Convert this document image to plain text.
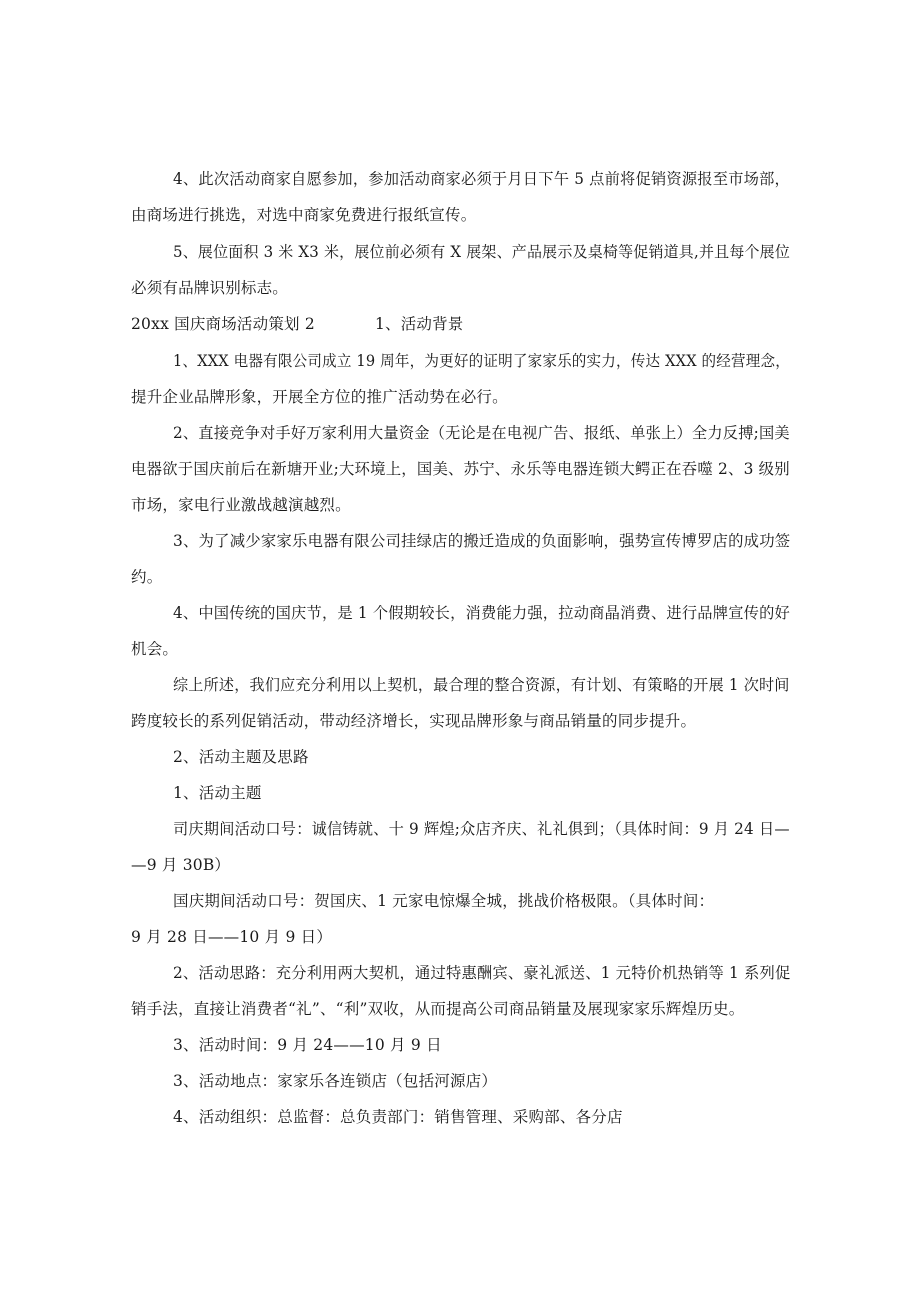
4、此次活动商家自愿参加，参加活动商家必须于月日下午 5 点前将促销资源报至市场部，
由商场进行挑选，对选中商家免费进行报纸宣传。
5、展位面积 3 米 X3 米，展位前必须有 X 展架、产品展示及桌椅等促销道具,并且每个展位
必须有品牌识别标志。
20xx 国庆商场活动策划 2	1、活动背景
1、XXX 电器有限公司成立 19 周年，为更好的证明了家家乐的实力，传达 XXX 的经营理念，
提升企业品牌形象，开展全方位的推广活动势在必行。
2、直接竞争对手好万家利用大量资金（无论是在电视广告、报纸、单张上）全力反搏;国美
电器欲于国庆前后在新塘开业;大环境上，国美、苏宁、永乐等电器连锁大鳄正在吞噬 2、3 级别
市场，家电行业激战越演越烈。
3、为了减少家家乐电器有限公司挂绿店的搬迁造成的负面影响，强势宣传博罗店的成功签
约。
4、中国传统的国庆节，是 1 个假期较长，消费能力强，拉动商晶消费、进行品牌宣传的好
机会。
综上所述，我们应充分利用以上契机，最合理的整合资源，有计划、有策略的开展 1 次时间
跨度较长的系列促销活动，带动经济增长，实现品牌形象与商品销量的同步提升。
2、活动主题及思路
1、活动主题
司庆期间活动口号：诚信铸就、十 9 辉煌;众店齐庆、礼礼俱到；（具体时间：9 月 24 日—
—9 月 30B）
国庆期间活动口号：贺国庆、1 元家电惊爆全城，挑战价格极限。（具体时间：
9 月 28 日——10 月 9 日）
2、活动思路：充分利用两大契机，通过特惠酬宾、豪礼派送、1 元特价机热销等 1 系列促
销手法，直接让消费者“礼”、“利”双收，从而提高公司商品销量及展现家家乐辉煌历史。
3、活动时间：9 月 24——10 月 9 日
3、活动地点：家家乐各连锁店（包括河源店）
4、活动组织：总监督：总负责部门：销售管理、采购部、各分店
